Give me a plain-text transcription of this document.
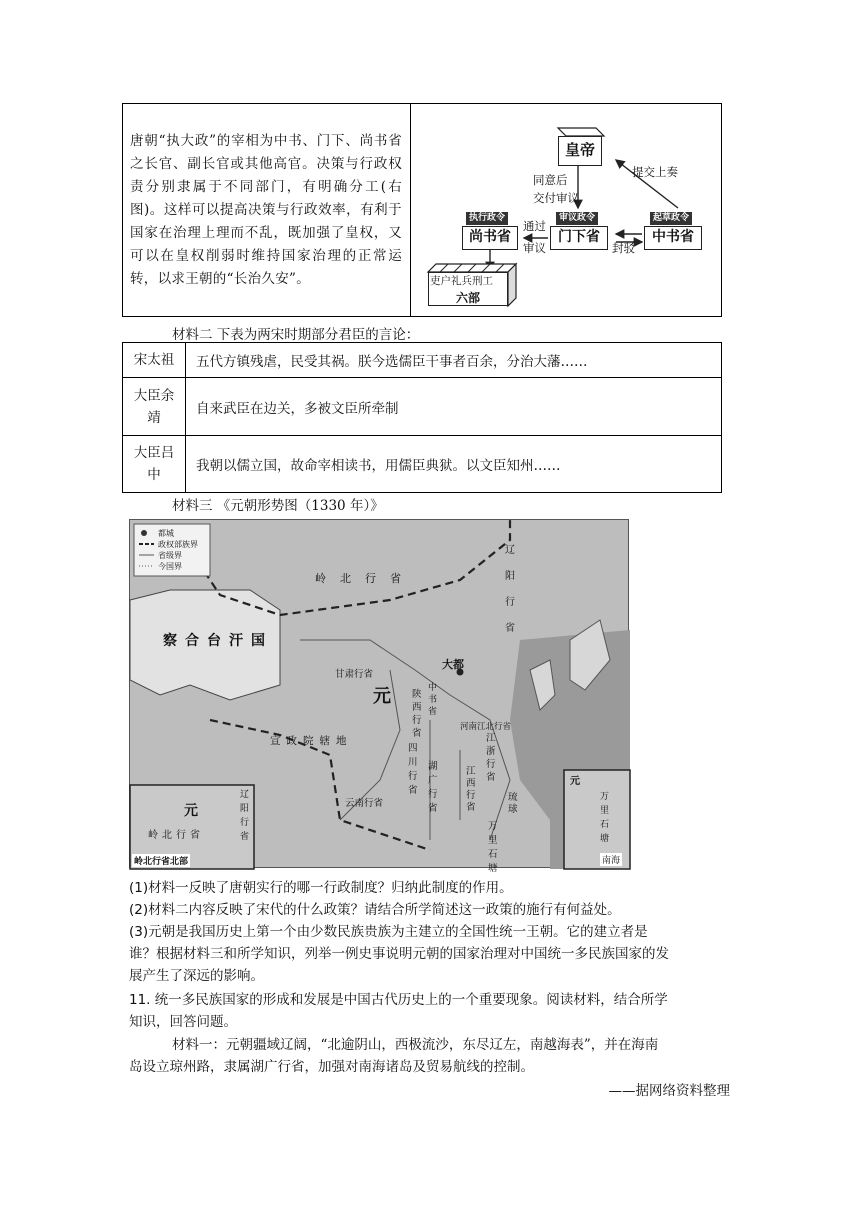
唐朝“执大政”的宰相为中书、门下、尚书省之长官、副长官或其他高官。决策与行政权责分别隶属于不同部门，有明确分工(右图)。这样可以提高决策与行政效率，有利于国家在治理上理而不乱，既加强了皇权，又可以在皇权削弱时维持国家治理的正常运转，以求王朝的“长治久安”。
皇帝
同意后
交付审议
提交上奏
执行政令
尚书省
通过
审议
审议政令
门下省
封驳
起草政令
中书省
吏户礼兵刑工
六部
材料二 下表为两宋时期部分君臣的言论：
宋太祖	五代方镇残虐，民受其祸。朕今选儒臣干事者百余，分治大藩……
大臣余靖	自来武臣在边关，多被文臣所牵制
大臣吕中	我朝以儒立国，故命宰相读书，用儒臣典狱。以文臣知州……
材料三 《元朝形势图（1330 年）》
都城
政权部族界
省级界
今国界
岭北行省
辽阳行省
察合台汗国
元
大都
中书省
甘肃行省
陕西行省
河南江北行省
四川行省
宣政院辖地
云南行省
湖广行省
江西行省
江浙行省
琉球
万里石塘
元
岭北行省
辽阳行省
岭北行省北部
元
万里石塘
南海
(1)材料一反映了唐朝实行的哪一行政制度？归纳此制度的作用。
(2)材料二内容反映了宋代的什么政策？请结合所学简述这一政策的施行有何益处。
(3)元朝是我国历史上第一个由少数民族贵族为主建立的全国性统一王朝。它的建立者是
谁？根据材料三和所学知识，列举一例史事说明元朝的国家治理对中国统一多民族国家的发
展产生了深远的影响。
11. 统一多民族国家的形成和发展是中国古代历史上的一个重要现象。阅读材料，结合所学
知识，回答问题。
材料一：元朝疆域辽阔，“北逾阴山，西极流沙，东尽辽左，南越海表”，并在海南
岛设立琼州路，隶属湖广行省，加强对南海诸岛及贸易航线的控制。
——据网络资料整理
